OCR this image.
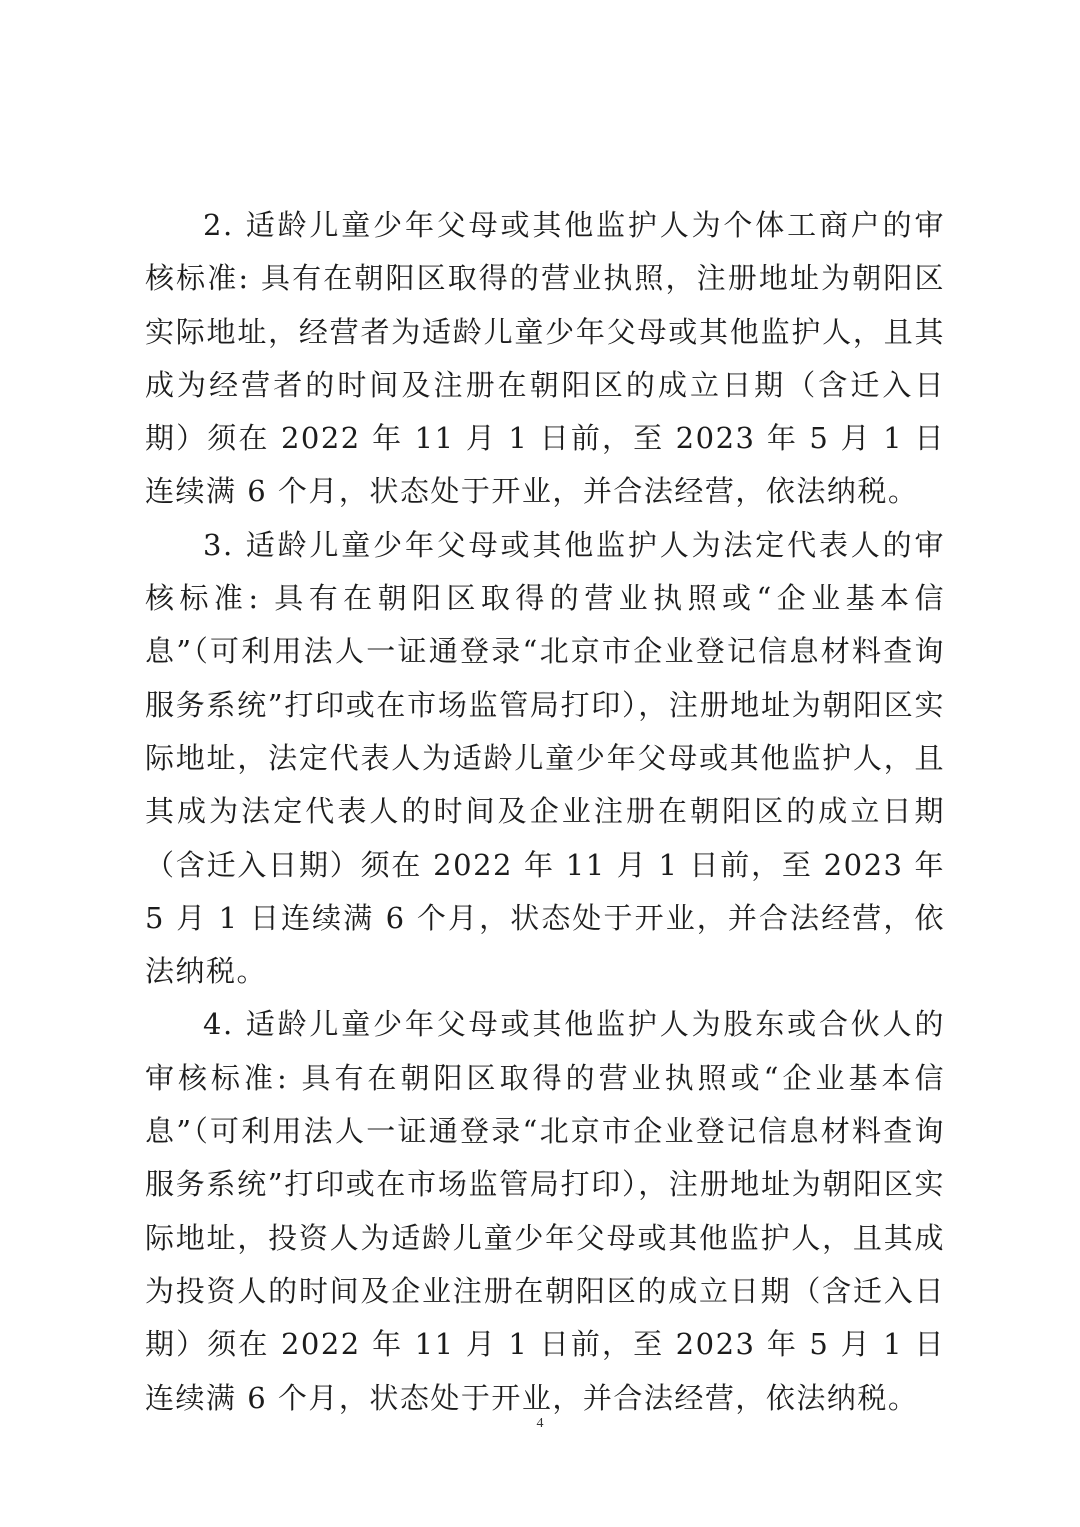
2. 适龄儿童少年父母或其他监护人为个体工商户的审核标准: 具有在朝阳区取得的营业执照，注册地址为朝阳区实际地址，经营者为适龄儿童少年父母或其他监护人，且其成为经营者的时间及注册在朝阳区的成立日期（含迁入日期）须在 2022 年 11 月 1 日前，至 2023 年 5 月 1 日连续满 6 个月，状态处于开业，并合法经营，依法纳税。

3. 适龄儿童少年父母或其他监护人为法定代表人的审核标准: 具有在朝阳区取得的营业执照或“企业基本信息”（可利用法人一证通登录“北京市企业登记信息材料查询服务系统”打印或在市场监管局打印），注册地址为朝阳区实际地址，法定代表人为适龄儿童少年父母或其他监护人，且其成为法定代表人的时间及企业注册在朝阳区的成立日期（含迁入日期）须在 2022 年 11 月 1 日前，至 2023 年 5 月 1 日连续满 6 个月，状态处于开业，并合法经营，依法纳税。

4. 适龄儿童少年父母或其他监护人为股东或合伙人的审核标准: 具有在朝阳区取得的营业执照或“企业基本信息”（可利用法人一证通登录“北京市企业登记信息材料查询服务系统”打印或在市场监管局打印），注册地址为朝阳区实际地址，投资人为适龄儿童少年父母或其他监护人，且其成为投资人的时间及企业注册在朝阳区的成立日期（含迁入日期）须在 2022 年 11 月 1 日前，至 2023 年 5 月 1 日连续满 6 个月，状态处于开业，并合法经营，依法纳税。

4
